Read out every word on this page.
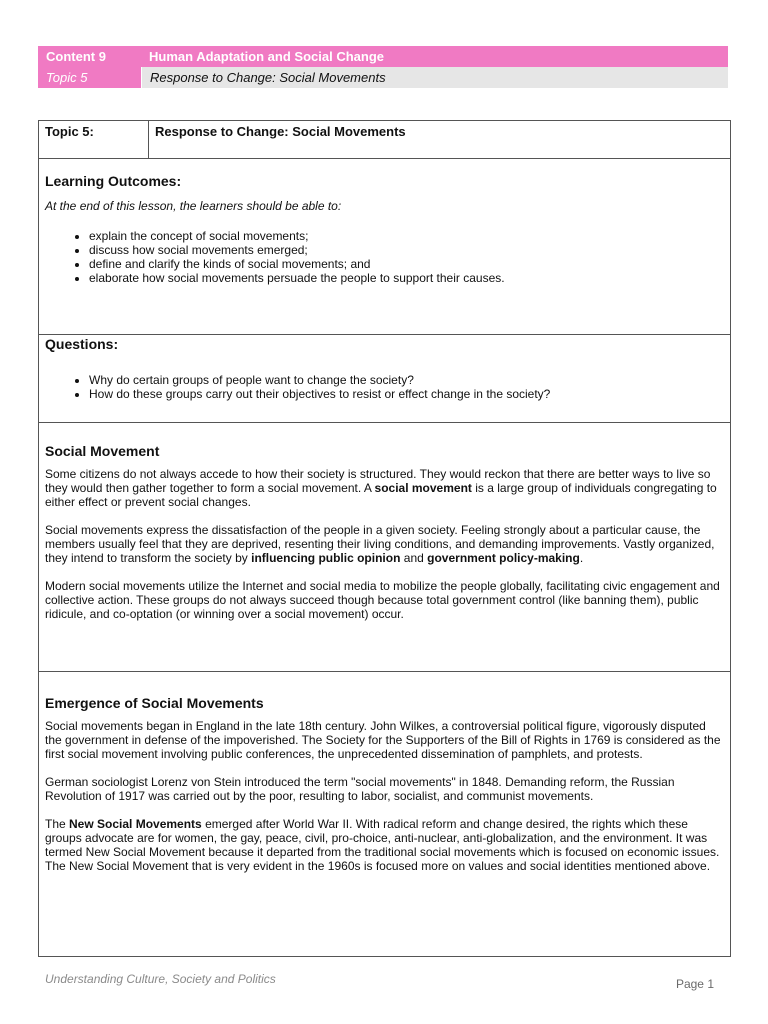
Content 9	Human Adaptation and Social Change
Topic 5	Response to Change: Social Movements
Topic 5:	Response to Change: Social Movements
Learning Outcomes:

At the end of this lesson, the learners should be able to:

• explain the concept of social movements;
• discuss how social movements emerged;
• define and clarify the kinds of social movements; and
• elaborate how social movements persuade the people to support their causes.
Questions:
• Why do certain groups of people want to change the society?
• How do these groups carry out their objectives to resist or effect change in the society?
Social Movement

Some citizens do not always accede to how their society is structured. They would reckon that there are better ways to live so they would then gather together to form a social movement. A social movement is a large group of individuals congregating to either effect or prevent social changes.

Social movements express the dissatisfaction of the people in a given society. Feeling strongly about a particular cause, the members usually feel that they are deprived, resenting their living conditions, and demanding improvements. Vastly organized, they intend to transform the society by influencing public opinion and government policy-making.

Modern social movements utilize the Internet and social media to mobilize the people globally, facilitating civic engagement and collective action. These groups do not always succeed though because total government control (like banning them), public ridicule, and co-optation (or winning over a social movement) occur.

Emergence of Social Movements

Social movements began in England in the late 18th century. John Wilkes, a controversial political figure, vigorously disputed the government in defense of the impoverished. The Society for the Supporters of the Bill of Rights in 1769 is considered as the first social movement involving public conferences, the unprecedented dissemination of pamphlets, and protests.

German sociologist Lorenz von Stein introduced the term "social movements" in 1848. Demanding reform, the Russian Revolution of 1917 was carried out by the poor, resulting to labor, socialist, and communist movements.

The New Social Movements emerged after World War II. With radical reform and change desired, the rights which these groups advocate are for women, the gay, peace, civil, pro-choice, anti-nuclear, anti-globalization, and the environment. It was termed New Social Movement because it departed from the traditional social movements which is focused on economic issues. The New Social Movement that is very evident in the 1960s is focused more on values and social identities mentioned above.

Understanding Culture, Society and Politics	Page 1
